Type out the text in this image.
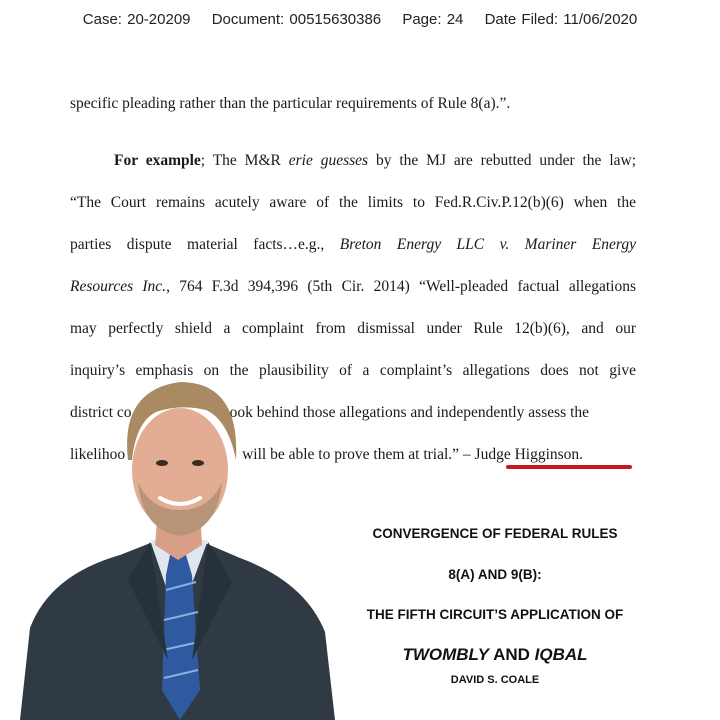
Case: 20-20209 Document: 00515630386 Page: 24 Date Filed: 11/06/2020
specific pleading rather than the particular requirements of Rule 8(a).”.
For example; The M&R erie guesses by the MJ are rebutted under the law;
“The Court remains acutely aware of the limits to Fed.R.Civ.P.12(b)(6) when the
parties dispute material facts…e.g., Breton Energy LLC v. Mariner Energy
Resources Inc., 764 F.3d 394,396 (5th Cir. 2014) “Well-pleaded factual allegations
may perfectly shield a complaint from dismissal under Rule 12(b)(6), and our
inquiry’s emphasis on the plausibility of a complaint’s allegations does not give
district co	ook behind those allegations and independently assess the
likelihoo	will be able to prove them at trial.” – Judge Higginson.
CONVERGENCE OF FEDERAL RULES
8(A) AND 9(B):
THE FIFTH CIRCUIT’S APPLICATION OF
TWOMBLY AND IQBAL
DAVID S. COALE
